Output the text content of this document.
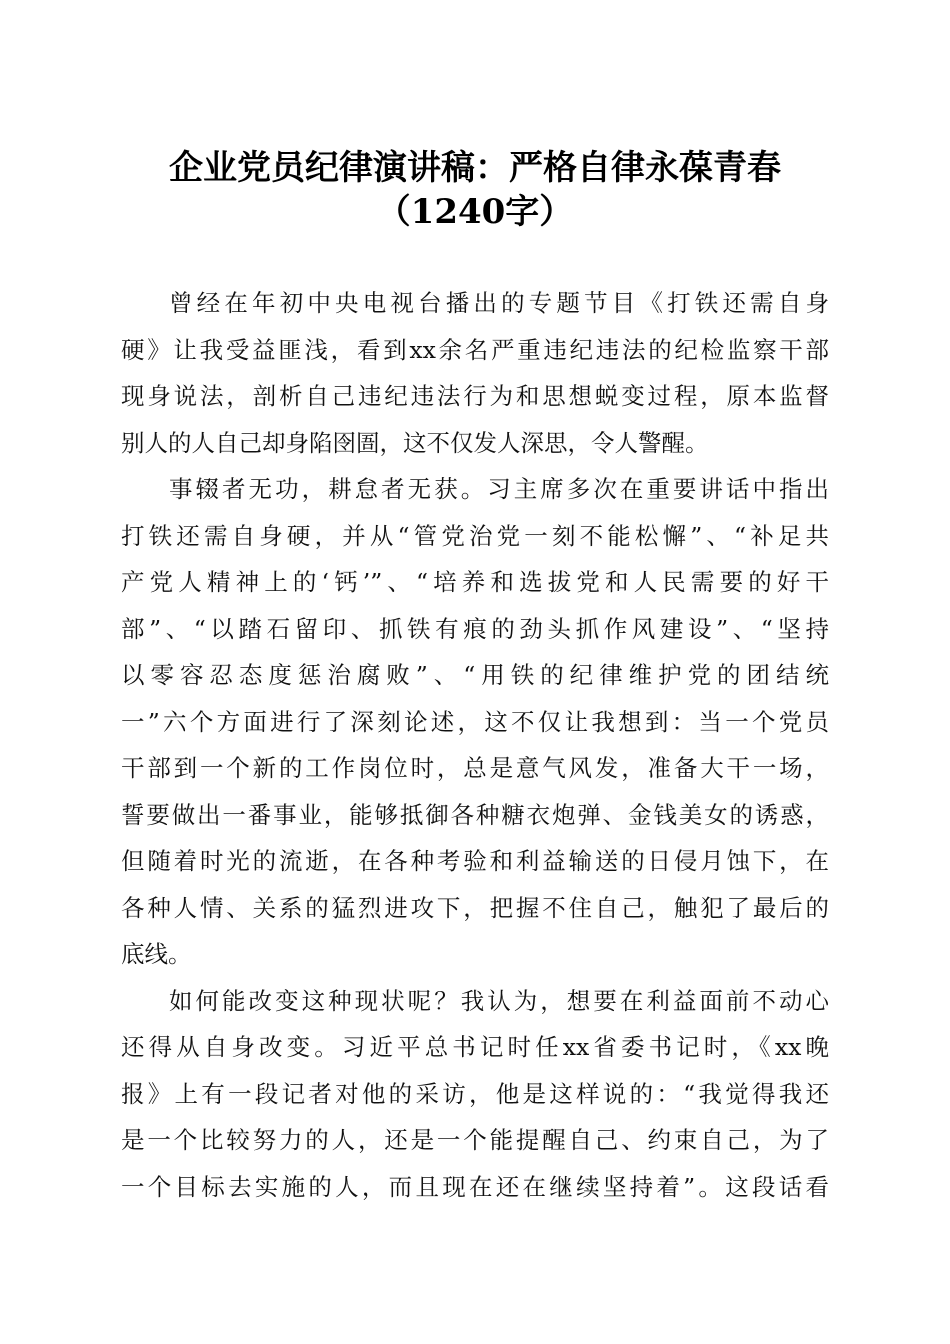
企业党员纪律演讲稿：严格自律永葆青春
（1240字）
曾经在年初中央电视台播出的专题节目《打铁还需自身
硬》让我受益匪浅，看到xx余名严重违纪违法的纪检监察干部
现身说法，剖析自己违纪违法行为和思想蜕变过程，原本监督
别人的人自己却身陷囹圄，这不仅发人深思，令人警醒。
事辍者无功，耕怠者无获。习主席多次在重要讲话中指出
打铁还需自身硬，并从“管党治党一刻不能松懈”、“补足共
产党人精神上的‘钙’”、“培养和选拔党和人民需要的好干
部”、“以踏石留印、抓铁有痕的劲头抓作风建设”、“坚持
以零容忍态度惩治腐败”、“用铁的纪律维护党的团结统
一”六个方面进行了深刻论述，这不仅让我想到：当一个党员
干部到一个新的工作岗位时，总是意气风发，准备大干一场，
誓要做出一番事业，能够抵御各种糖衣炮弹、金钱美女的诱惑，
但随着时光的流逝，在各种考验和利益输送的日侵月蚀下，在
各种人情、关系的猛烈进攻下，把握不住自己，触犯了最后的
底线。
如何能改变这种现状呢？我认为，想要在利益面前不动心
还得从自身改变。习近平总书记时任xx省委书记时，《xx晚
报》上有一段记者对他的采访，他是这样说的：“我觉得我还
是一个比较努力的人，还是一个能提醒自己、约束自己，为了
一个目标去实施的人，而且现在还在继续坚持着”。这段话看
